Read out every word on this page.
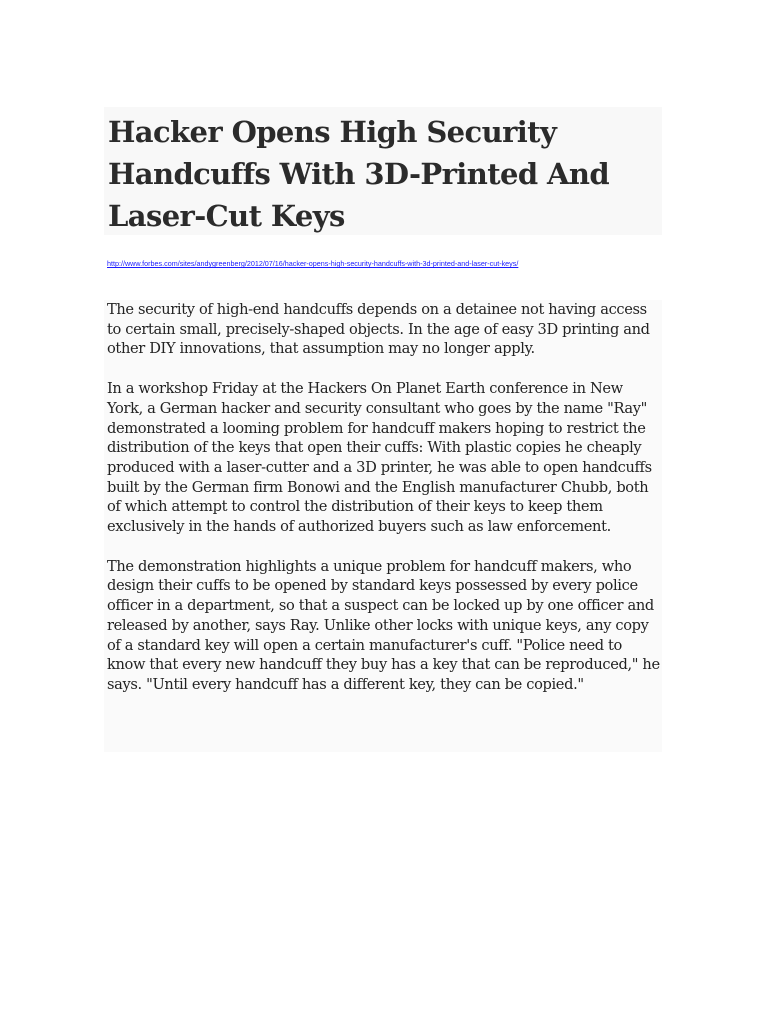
Hacker Opens High Security Handcuffs With 3D-Printed And Laser-Cut Keys
http://www.forbes.com/sites/andygreenberg/2012/07/16/hacker-opens-high-security-handcuffs-with-3d-printed-and-laser-cut-keys/

The security of high-end handcuffs depends on a detainee not having access to certain small, precisely-shaped objects. In the age of easy 3D printing and other DIY innovations, that assumption may no longer apply.

In a workshop Friday at the Hackers On Planet Earth conference in New York, a German hacker and security consultant who goes by the name "Ray" demonstrated a looming problem for handcuff makers hoping to restrict the distribution of the keys that open their cuffs: With plastic copies he cheaply produced with a laser-cutter and a 3D printer, he was able to open handcuffs built by the German firm Bonowi and the English manufacturer Chubb, both of which attempt to control the distribution of their keys to keep them exclusively in the hands of authorized buyers such as law enforcement.

The demonstration highlights a unique problem for handcuff makers, who design their cuffs to be opened by standard keys possessed by every police officer in a department, so that a suspect can be locked up by one officer and released by another, says Ray. Unlike other locks with unique keys, any copy of a standard key will open a certain manufacturer's cuff. "Police need to know that every new handcuff they buy has a key that can be reproduced," he says. "Until every handcuff has a different key, they can be copied."
